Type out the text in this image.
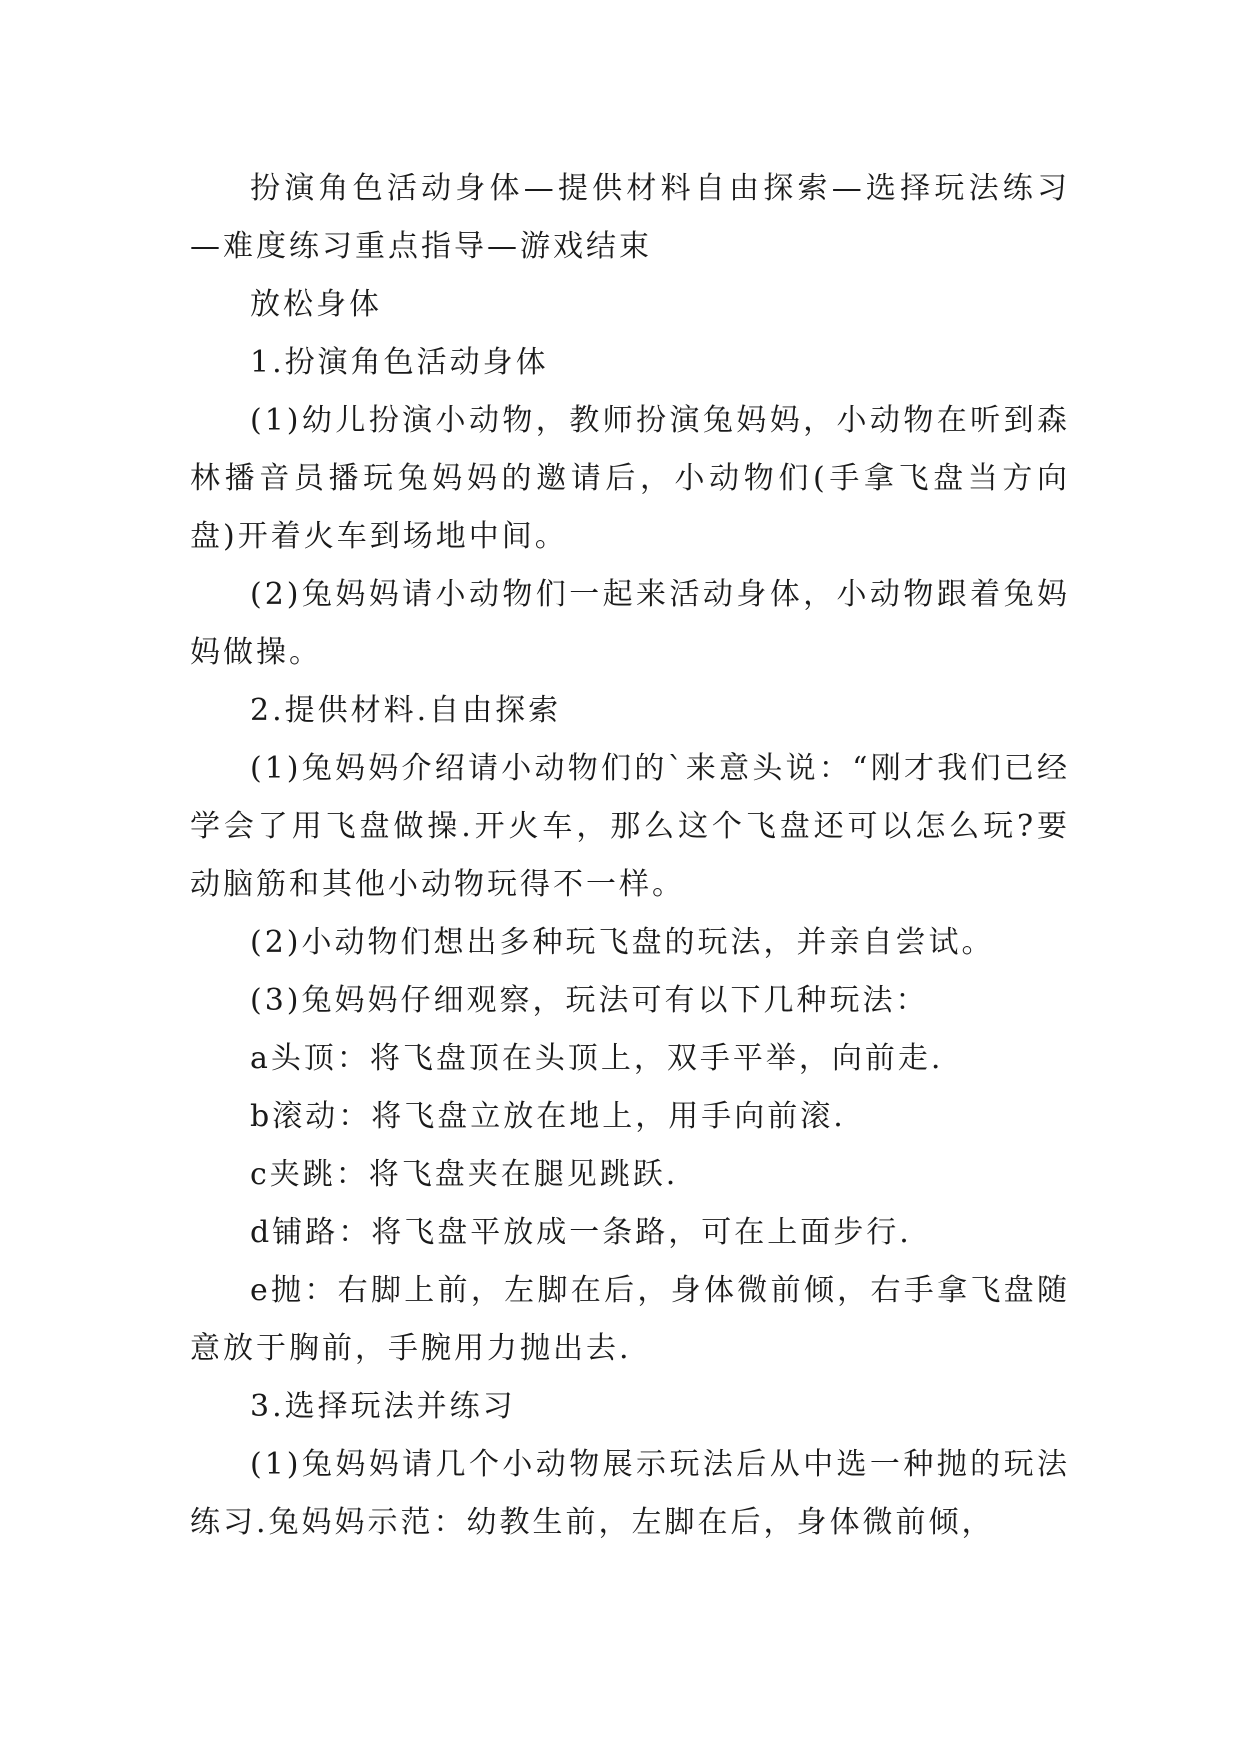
扮演角色活动身体—提供材料自由探索—选择玩法练习—难度练习重点指导—游戏结束

放松身体

1.扮演角色活动身体

(1)幼儿扮演小动物，教师扮演兔妈妈，小动物在听到森林播音员播玩兔妈妈的邀请后，小动物们(手拿飞盘当方向盘)开着火车到场地中间。

(2)兔妈妈请小动物们一起来活动身体，小动物跟着兔妈妈做操。

2.提供材料.自由探索

(1)兔妈妈介绍请小动物们的`来意头说：“刚才我们已经学会了用飞盘做操.开火车，那么这个飞盘还可以怎么玩?要动脑筋和其他小动物玩得不一样。

(2)小动物们想出多种玩飞盘的玩法，并亲自尝试。

(3)兔妈妈仔细观察，玩法可有以下几种玩法：

a头顶：将飞盘顶在头顶上，双手平举，向前走.

b滚动：将飞盘立放在地上，用手向前滚.

c夹跳：将飞盘夹在腿见跳跃.

d铺路：将飞盘平放成一条路，可在上面步行.

e抛：右脚上前，左脚在后，身体微前倾，右手拿飞盘随意放于胸前，手腕用力抛出去.

3.选择玩法并练习

(1)兔妈妈请几个小动物展示玩法后从中选一种抛的玩法练习.兔妈妈示范：幼教生前，左脚在后，身体微前倾，
